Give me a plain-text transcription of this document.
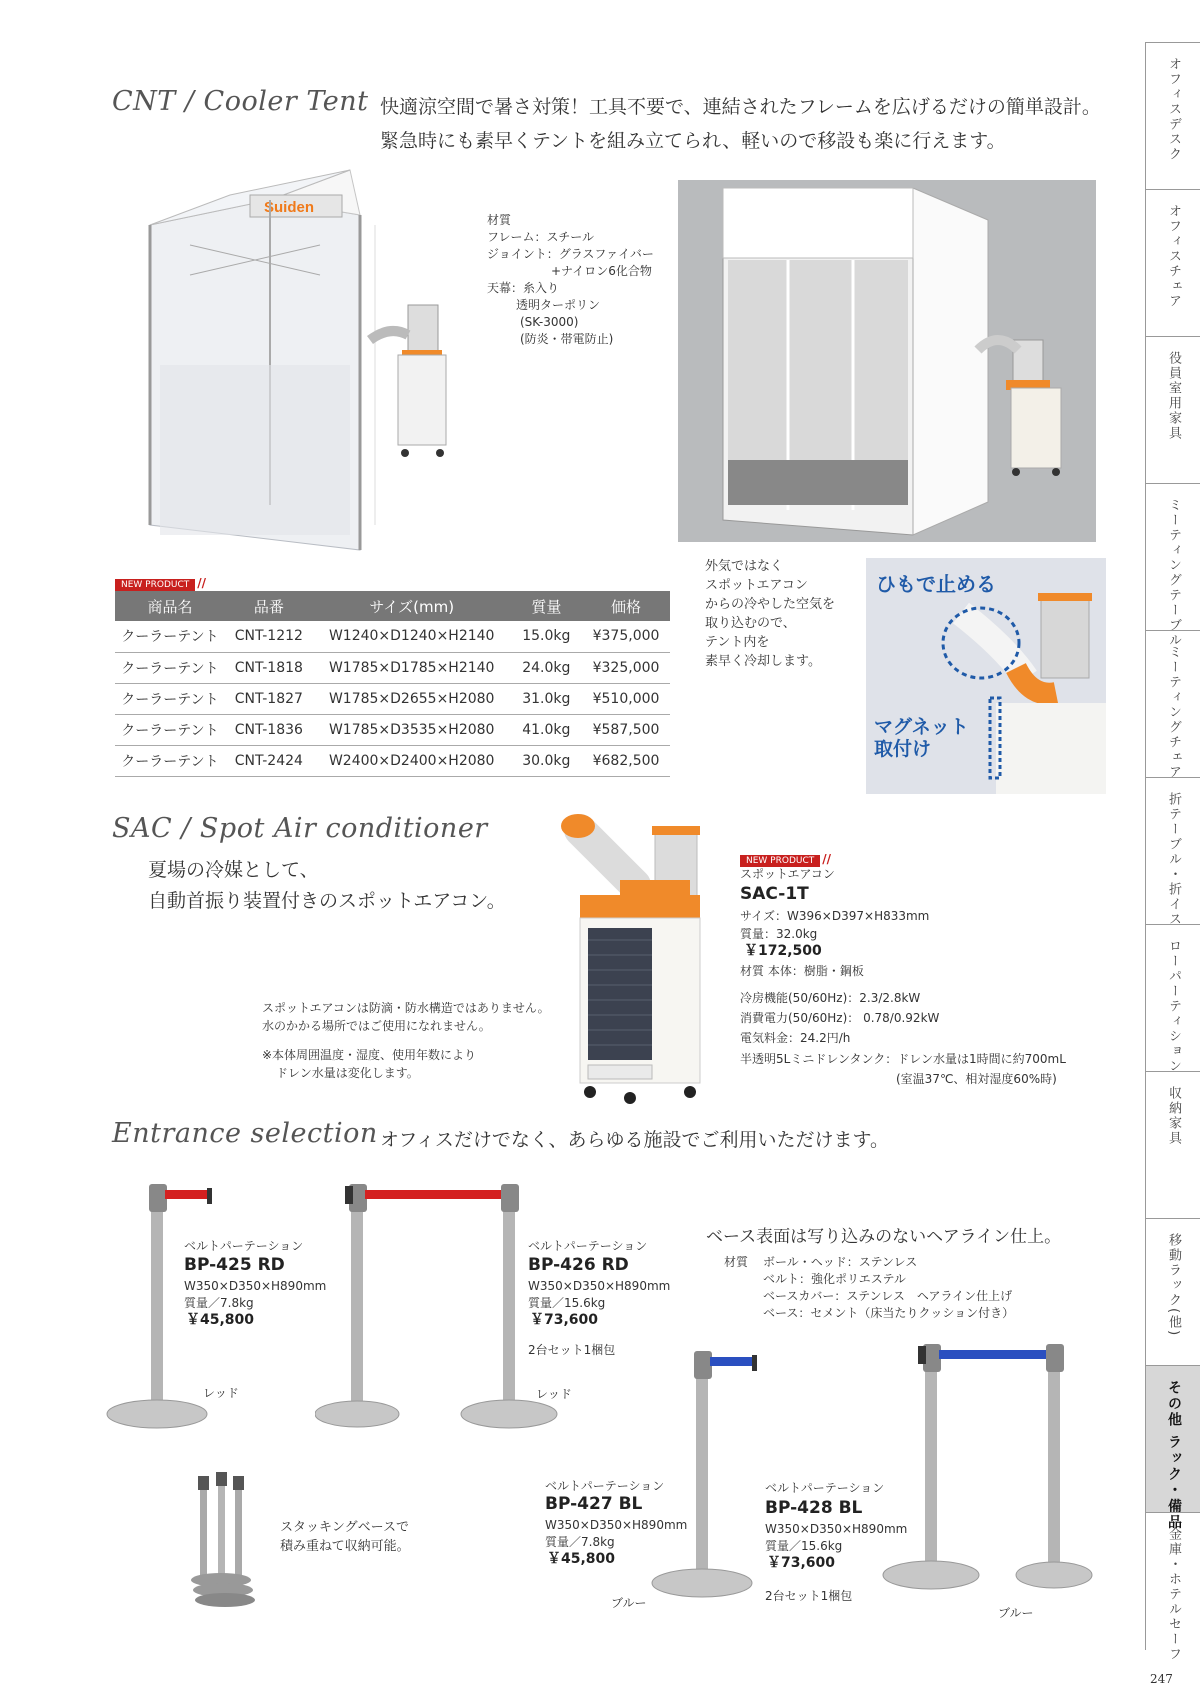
CNT / Cooler Tent 快適涼空間で暑さ対策！工具不要で、連結されたフレームを広げるだけの簡単設計。
緊急時にも素早くテントを組み立てられ、軽いので移設も楽に行えます。
Suiden
材質
フレーム：スチール
ジョイント：グラスファイバー
+ナイロン6化合物
天幕：糸入り
透明ターポリン
(SK-3000)
(防炎・帯電防止)
NEW PRODUCT //
商品名	品番	サイズ(mm)	質量	価格
クーラーテント	CNT-1212	W1240×D1240×H2140	15.0kg	¥375,000
クーラーテント	CNT-1818	W1785×D1785×H2140	24.0kg	¥325,000
クーラーテント	CNT-1827	W1785×D2655×H2080	31.0kg	¥510,000
クーラーテント	CNT-1836	W1785×D3535×H2080	41.0kg	¥587,500
クーラーテント	CNT-2424	W2400×D2400×H2080	30.0kg	¥682,500
外気ではなく
スポットエアコン
からの冷やした空気を
取り込むので、
テント内を
素早く冷却します。
ひもで止める
マグネット
取付け
SAC / Spot Air conditioner
夏場の冷媒として、
自動首振り装置付きのスポットエアコン。
スポットエアコンは防滴・防水構造ではありません。
水のかかる場所ではご使用になれません。
※本体周囲温度・湿度、使用年数により
ドレン水量は変化します。
NEW PRODUCT //
スポットエアコン
SAC-1T
サイズ：W396×D397×H833mm
質量：32.0kg
￥172,500
材質 本体：樹脂・鋼板
冷房機能(50/60Hz)：2.3/2.8kW
消費電力(50/60Hz)： 0.78/0.92kW
電気料金：24.2円/h
半透明5Lミニドレンタンク：ドレン水量は1時間に約700mL
(室温37℃、相対湿度60%時)
Entrance selection オフィスだけでなく、あらゆる施設でご利用いただけます。
ベルトパーテーション
BP-425 RD
W350×D350×H890mm
質量／7.8kg
￥45,800
レッド
ベルトパーテーション
BP-426 RD
W350×D350×H890mm
質量／15.6kg
￥73,600
2台セット1梱包
レッド
ベース表面は写り込みのないヘアライン仕上。
材質 ボール・ヘッド：ステンレス
ベルト：強化ポリエステル
ベースカバー：ステンレス　ヘアライン仕上げ
ベース：セメント（床当たりクッション付き）
スタッキングベースで
積み重ねて収納可能。
ベルトパーテーション
BP-427 BL
W350×D350×H890mm
質量／7.8kg
￥45,800
ブルー
ベルトパーテーション
BP-428 BL
W350×D350×H890mm
質量／15.6kg
￥73,600
2台セット1梱包
ブルー
オフィスデスク
オフィスチェア
役員室用家具
ミーティングテーブル
ミーティングチェア
折テーブル・折イス
ローパーティション
収納家具
移動ラック(他)
その他 ラック・備品
金庫・ホテルセーフ
247
